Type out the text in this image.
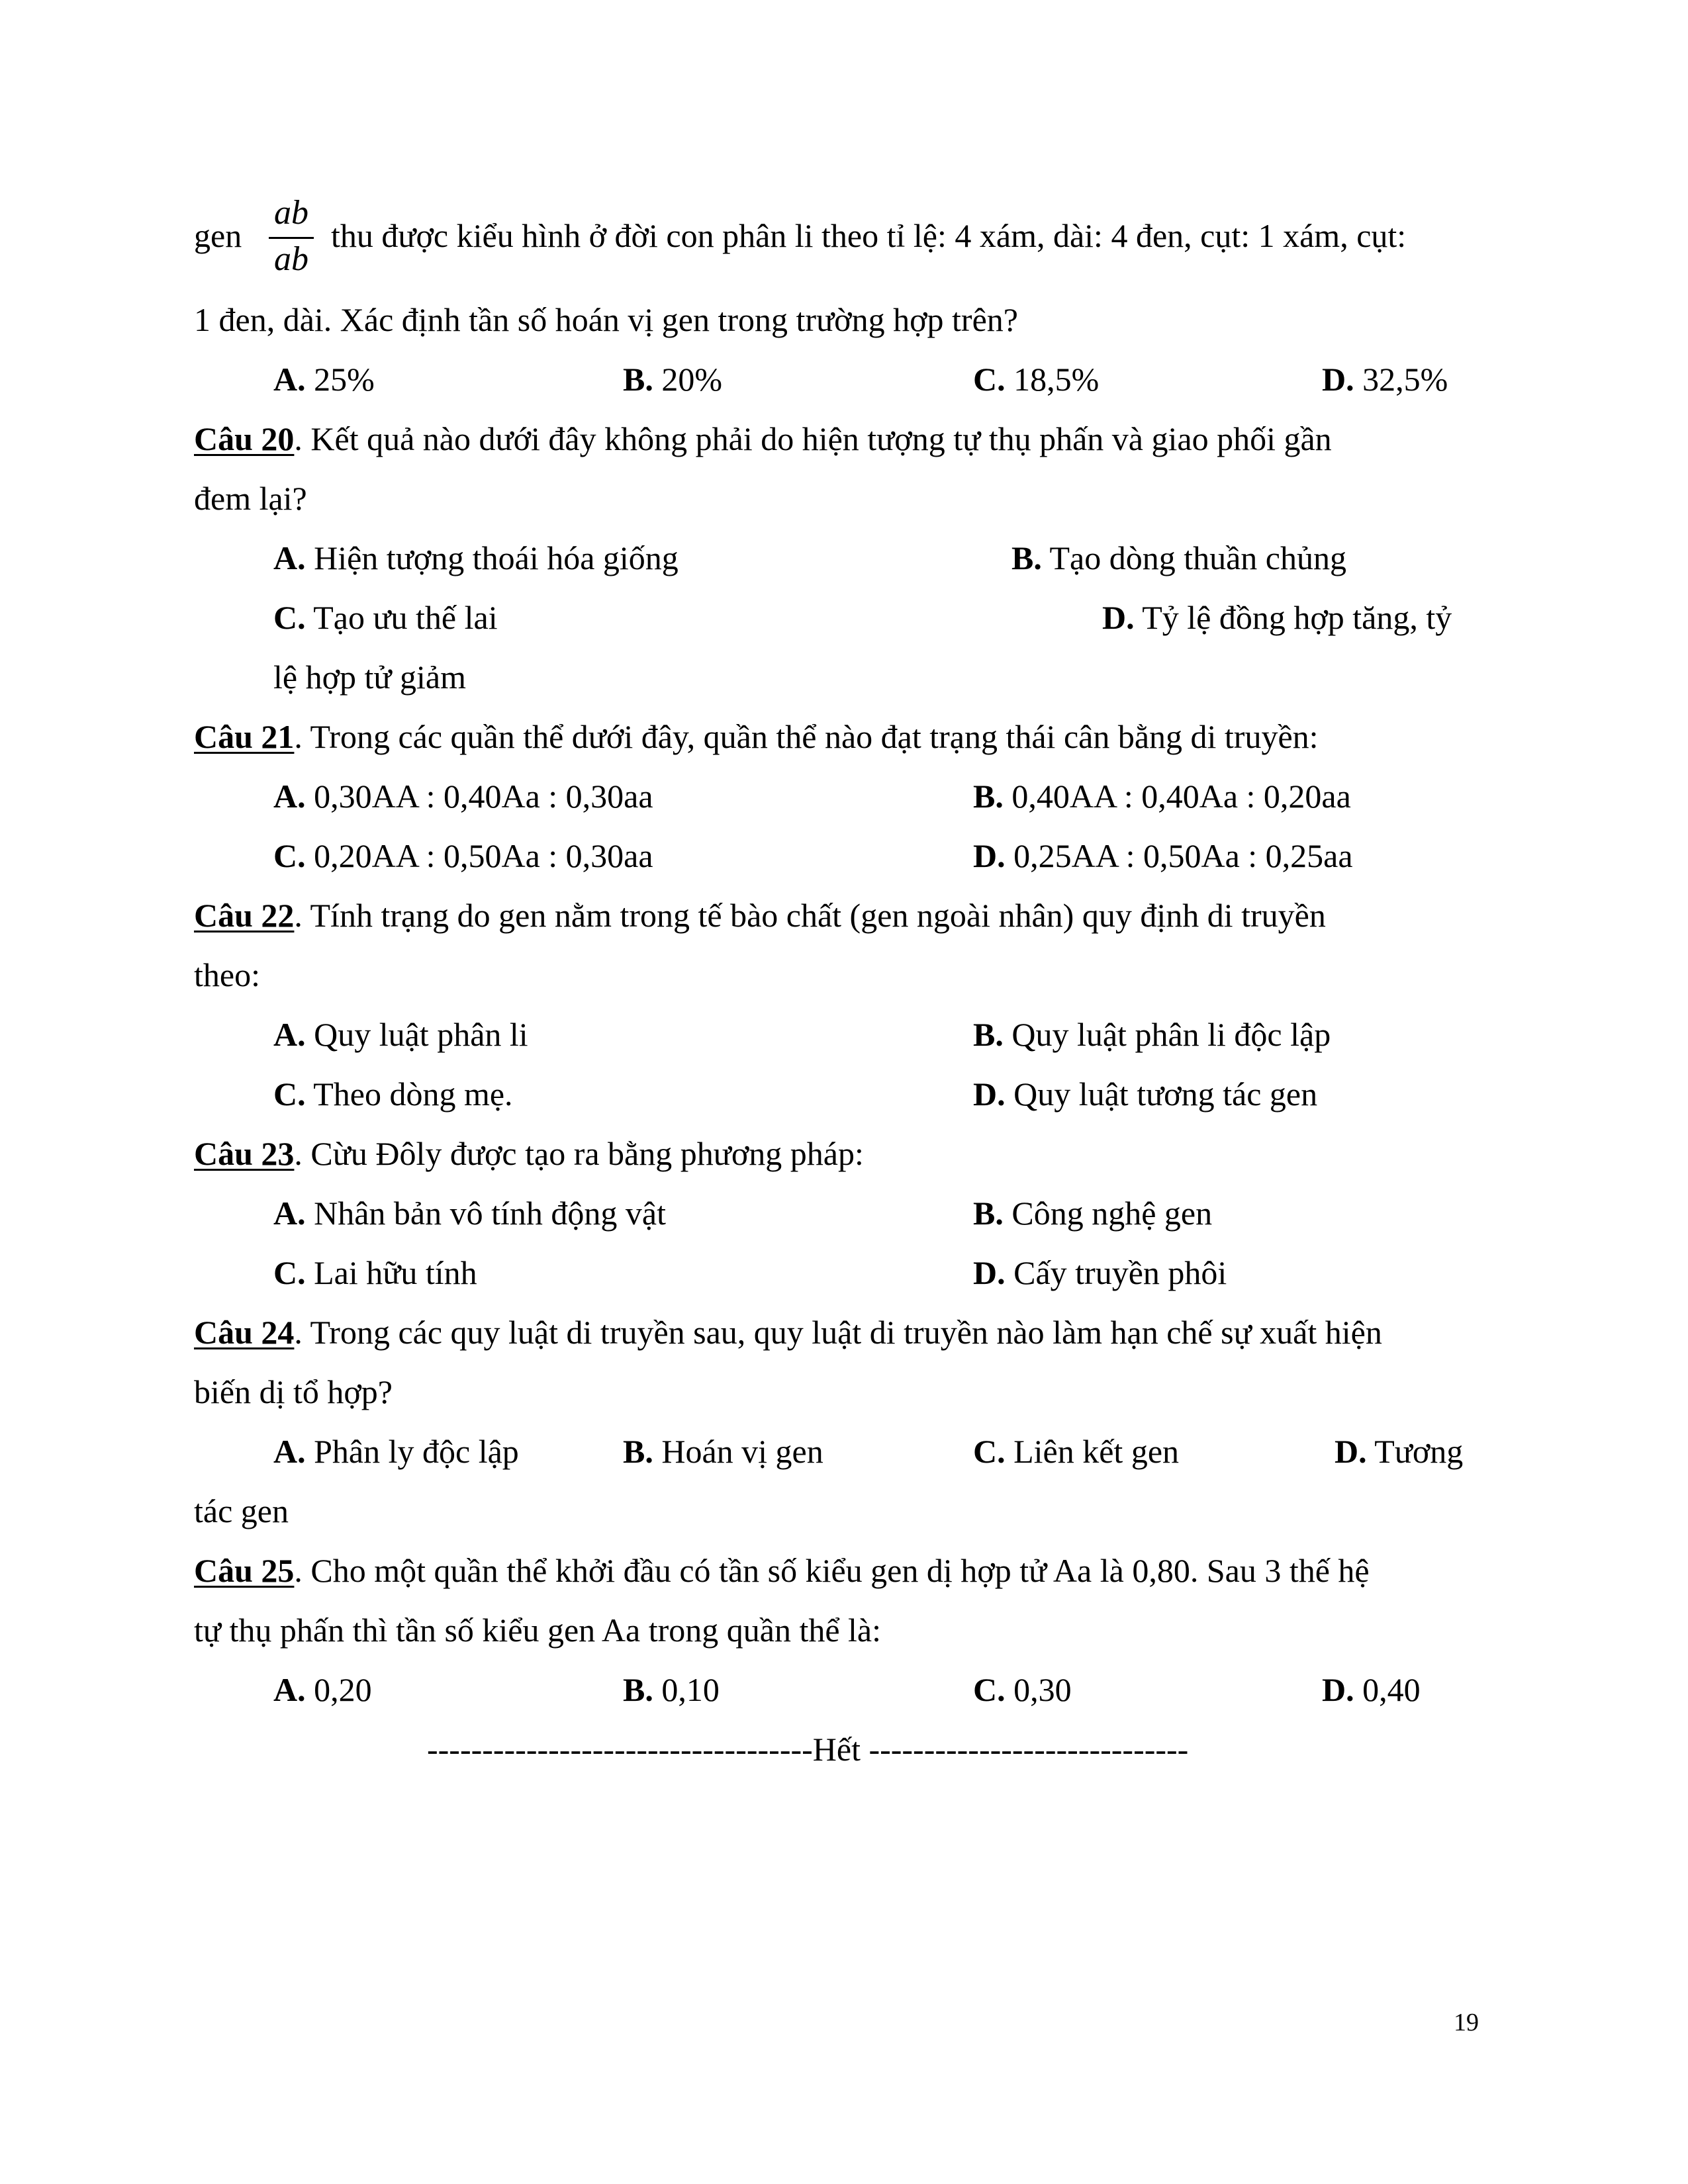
gen
ab
ab
thu được kiểu hình ở đời con phân li theo tỉ lệ: 4 xám, dài: 4 đen, cụt: 1 xám, cụt:
1 đen, dài. Xác định tần số hoán vị gen trong trường hợp trên?
A. 25%	B. 20%	C. 18,5%	D. 32,5%
Câu 20. Kết quả nào dưới đây không phải do hiện tượng tự thụ phấn và giao phối gần
đem lại?
A. Hiện tượng thoái hóa giống	B. Tạo dòng thuần chủng
C. Tạo ưu thế lai	D. Tỷ lệ đồng hợp tăng, tỷ
lệ hợp tử giảm
Câu 21. Trong các quần thể dưới đây, quần thể nào đạt trạng thái cân bằng di truyền:
A. 0,30AA : 0,40Aa : 0,30aa	B. 0,40AA : 0,40Aa : 0,20aa
C. 0,20AA : 0,50Aa : 0,30aa	D. 0,25AA : 0,50Aa : 0,25aa
Câu 22. Tính trạng do gen nằm trong tế bào chất (gen ngoài nhân) quy định di truyền
theo:
A. Quy luật phân li	B. Quy luật phân li độc lập
C. Theo dòng mẹ.	D. Quy luật tương tác gen
Câu 23. Cừu Đôly được tạo ra bằng phương pháp:
A. Nhân bản vô tính động vật	B. Công nghệ gen
C. Lai hữu tính	D. Cấy truyền phôi
Câu 24. Trong các quy luật di truyền sau, quy luật di truyền nào làm hạn chế sự xuất hiện
biến dị tổ hợp?
A. Phân ly độc lập	B. Hoán vị gen	C. Liên kết gen	D. Tương
tác gen
Câu 25. Cho một quần thể khởi đầu có tần số kiểu gen dị hợp tử Aa là 0,80. Sau 3 thế hệ
tự thụ phấn thì tần số kiểu gen Aa trong quần thể là:
A. 0,20	B. 0,10	C. 0,30	D. 0,40
-----------------------------------Hết -----------------------------
19
